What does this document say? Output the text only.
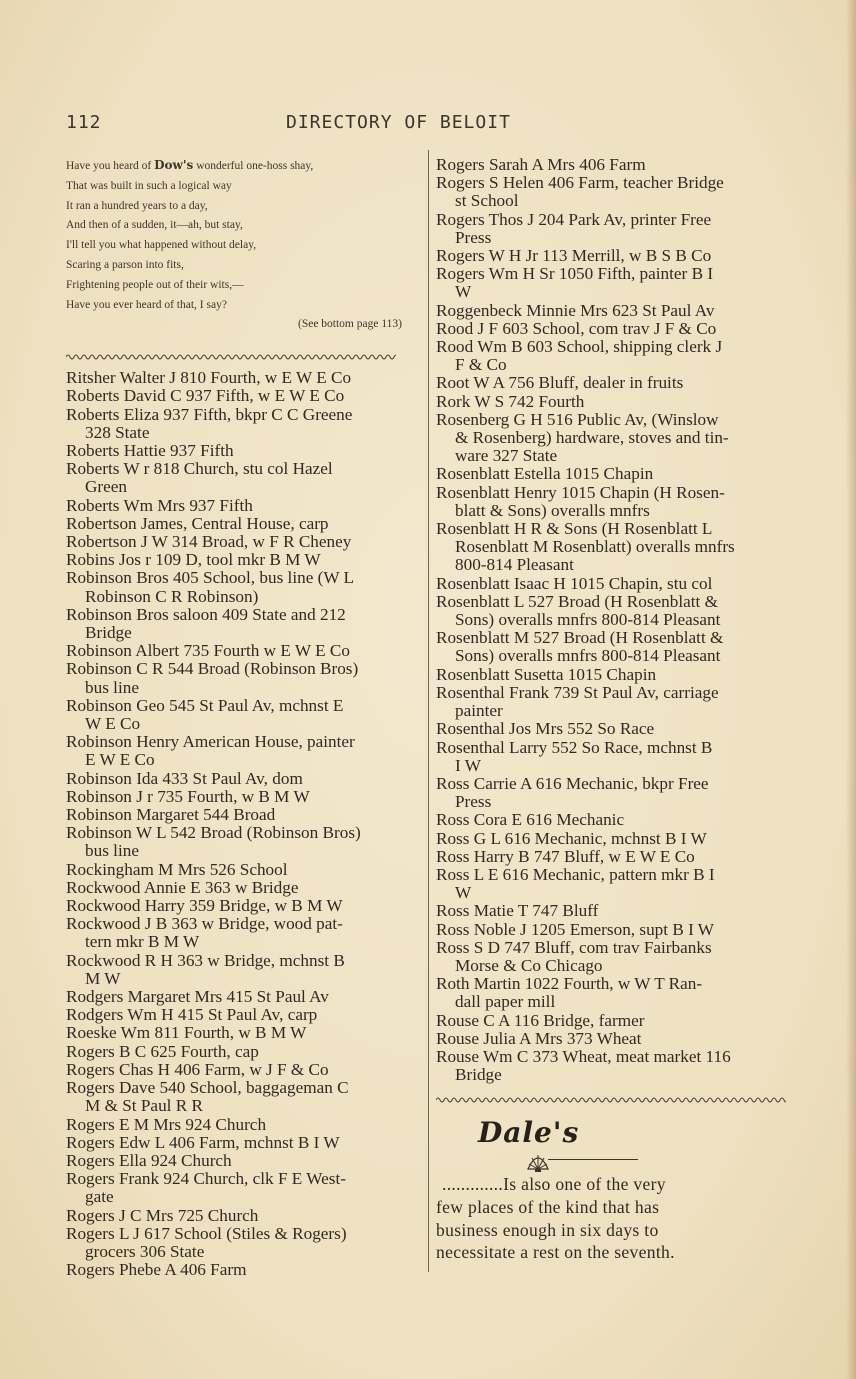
112	DIRECTORY OF BELOIT
Have you heard of Dow's wonderful one-hoss shay,
That was built in such a logical way
It ran a hundred years to a day,
And then of a sudden, it—ah, but stay,
I'll tell you what happened without delay,
Scaring a parson into fits,
Frightening people out of their wits,—
Have you ever heard of that, I say?
(See bottom page 113)
Ritsher Walter J 810 Fourth, w E W E Co
Roberts David C 937 Fifth, w E W E Co
Roberts Eliza 937 Fifth, bkpr C C Greene
328 State
Roberts Hattie 937 Fifth
Roberts W r 818 Church, stu col Hazel
Green
Roberts Wm Mrs 937 Fifth
Robertson James, Central House, carp
Robertson J W 314 Broad, w F R Cheney
Robins Jos r 109 D, tool mkr B M W
Robinson Bros 405 School, bus line (W L
Robinson C R Robinson)
Robinson Bros saloon 409 State and 212
Bridge
Robinson Albert 735 Fourth w E W E Co
Robinson C R 544 Broad (Robinson Bros)
bus line
Robinson Geo 545 St Paul Av, mchnst E
W E Co
Robinson Henry American House, painter
E W E Co
Robinson Ida 433 St Paul Av, dom
Robinson J r 735 Fourth, w B M W
Robinson Margaret 544 Broad
Robinson W L 542 Broad (Robinson Bros)
bus line
Rockingham M Mrs 526 School
Rockwood Annie E 363 w Bridge
Rockwood Harry 359 Bridge, w B M W
Rockwood J B 363 w Bridge, wood pat-
tern mkr B M W
Rockwood R H 363 w Bridge, mchnst B
M W
Rodgers Margaret Mrs 415 St Paul Av
Rodgers Wm H 415 St Paul Av, carp
Roeske Wm 811 Fourth, w B M W
Rogers B C 625 Fourth, cap
Rogers Chas H 406 Farm, w J F & Co
Rogers Dave 540 School, baggageman C
M & St Paul R R
Rogers E M Mrs 924 Church
Rogers Edw L 406 Farm, mchnst B I W
Rogers Ella 924 Church
Rogers Frank 924 Church, clk F E West-
gate
Rogers J C Mrs 725 Church
Rogers L J 617 School (Stiles & Rogers)
grocers 306 State
Rogers Phebe A 406 Farm
Rogers Sarah A Mrs 406 Farm
Rogers S Helen 406 Farm, teacher Bridge
st School
Rogers Thos J 204 Park Av, printer Free
Press
Rogers W H Jr 113 Merrill, w B S B Co
Rogers Wm H Sr 1050 Fifth, painter B I
W
Roggenbeck Minnie Mrs 623 St Paul Av
Rood J F 603 School, com trav J F & Co
Rood Wm B 603 School, shipping clerk J
F & Co
Root W A 756 Bluff, dealer in fruits
Rork W S 742 Fourth
Rosenberg G H 516 Public Av, (Winslow
& Rosenberg) hardware, stoves and tin-
ware 327 State
Rosenblatt Estella 1015 Chapin
Rosenblatt Henry 1015 Chapin (H Rosen-
blatt & Sons) overalls mnfrs
Rosenblatt H R & Sons (H Rosenblatt L
Rosenblatt M Rosenblatt) overalls mnfrs
800-814 Pleasant
Rosenblatt Isaac H 1015 Chapin, stu col
Rosenblatt L 527 Broad (H Rosenblatt &
Sons) overalls mnfrs 800-814 Pleasant
Rosenblatt M 527 Broad (H Rosenblatt &
Sons) overalls mnfrs 800-814 Pleasant
Rosenblatt Susetta 1015 Chapin
Rosenthal Frank 739 St Paul Av, carriage
painter
Rosenthal Jos Mrs 552 So Race
Rosenthal Larry 552 So Race, mchnst B
I W
Ross Carrie A 616 Mechanic, bkpr Free
Press
Ross Cora E 616 Mechanic
Ross G L 616 Mechanic, mchnst B I W
Ross Harry B 747 Bluff, w E W E Co
Ross L E 616 Mechanic, pattern mkr B I
W
Ross Matie T 747 Bluff
Ross Noble J 1205 Emerson, supt B I W
Ross S D 747 Bluff, com trav Fairbanks
Morse & Co Chicago
Roth Martin 1022 Fourth, w W T Ran-
dall paper mill
Rouse C A 116 Bridge, farmer
Rouse Julia A Mrs 373 Wheat
Rouse Wm C 373 Wheat, meat market 116
Bridge
Dale's
.............Is also one of the very
few places of the kind that has
business enough in six days to
necessitate a rest on the seventh.
